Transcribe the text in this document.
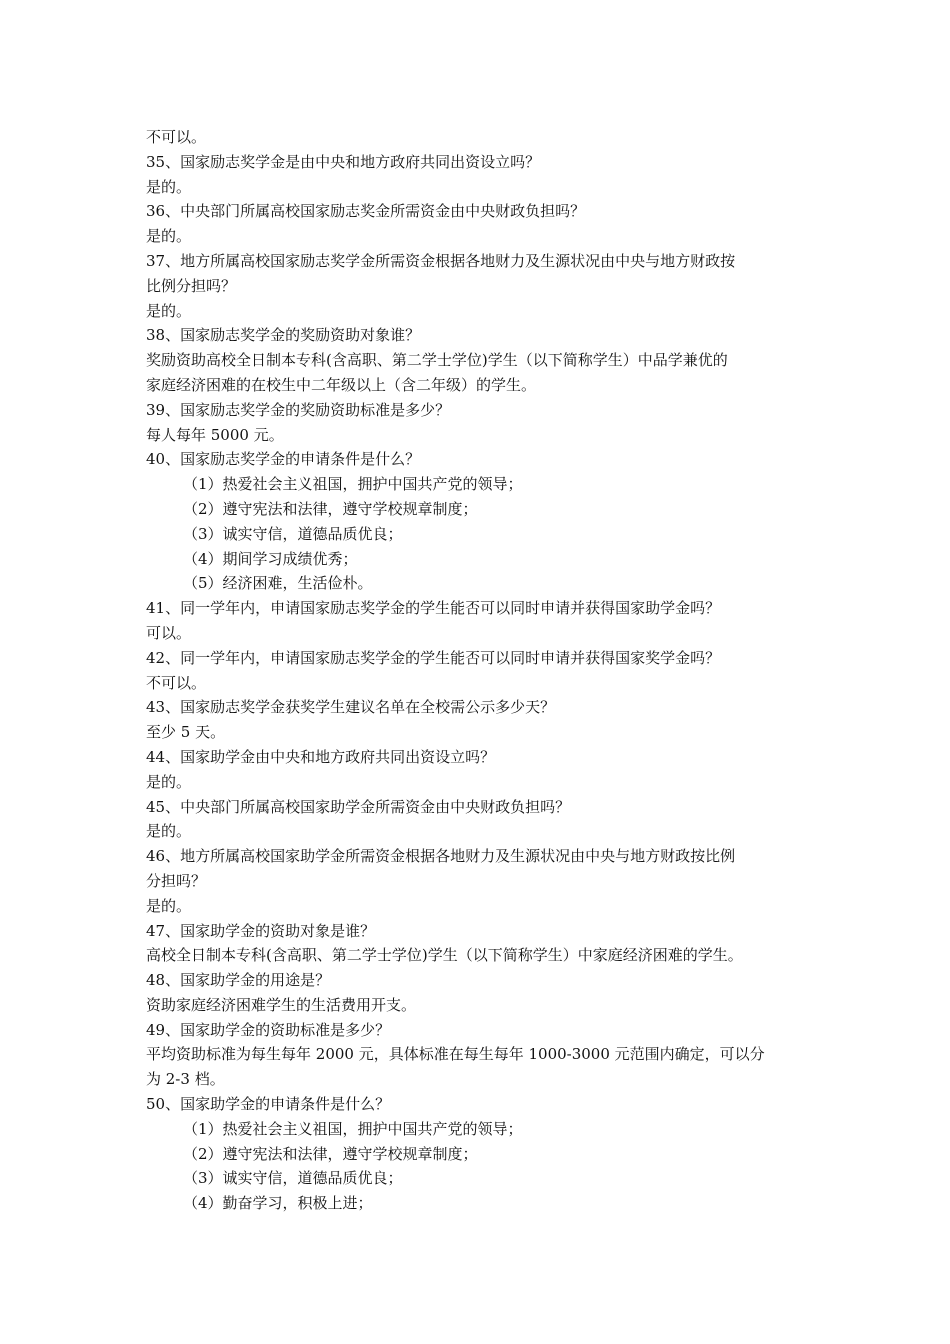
不可以。
35、国家励志奖学金是由中央和地方政府共同出资设立吗？
是的。
36、中央部门所属高校国家励志奖金所需资金由中央财政负担吗？
是的。
37、地方所属高校国家励志奖学金所需资金根据各地财力及生源状况由中央与地方财政按
比例分担吗？
是的。
38、国家励志奖学金的奖励资助对象谁？
奖励资助高校全日制本专科(含高职、第二学士学位)学生（以下简称学生）中品学兼优的
家庭经济困难的在校生中二年级以上（含二年级）的学生。
39、国家励志奖学金的奖励资助标准是多少？
每人每年 5000 元。
40、国家励志奖学金的申请条件是什么？
（1）热爱社会主义祖国，拥护中国共产党的领导；
（2）遵守宪法和法律，遵守学校规章制度；
（3）诚实守信，道德品质优良；
（4）期间学习成绩优秀；
（5）经济困难，生活俭朴。
41、同一学年内，申请国家励志奖学金的学生能否可以同时申请并获得国家助学金吗？
可以。
42、同一学年内，申请国家励志奖学金的学生能否可以同时申请并获得国家奖学金吗？
不可以。
43、国家励志奖学金获奖学生建议名单在全校需公示多少天？
至少 5 天。
44、国家助学金由中央和地方政府共同出资设立吗？
是的。
45、中央部门所属高校国家助学金所需资金由中央财政负担吗？
是的。
46、地方所属高校国家助学金所需资金根据各地财力及生源状况由中央与地方财政按比例
分担吗？
是的。
47、国家助学金的资助对象是谁？
高校全日制本专科(含高职、第二学士学位)学生（以下简称学生）中家庭经济困难的学生。
48、国家助学金的用途是？
资助家庭经济困难学生的生活费用开支。
49、国家助学金的资助标准是多少？
平均资助标准为每生每年 2000 元，具体标准在每生每年 1000-3000 元范围内确定，可以分
为 2-3 档。
50、国家助学金的申请条件是什么？
（1）热爱社会主义祖国，拥护中国共产党的领导；
（2）遵守宪法和法律，遵守学校规章制度；
（3）诚实守信，道德品质优良；
（4）勤奋学习，积极上进；
